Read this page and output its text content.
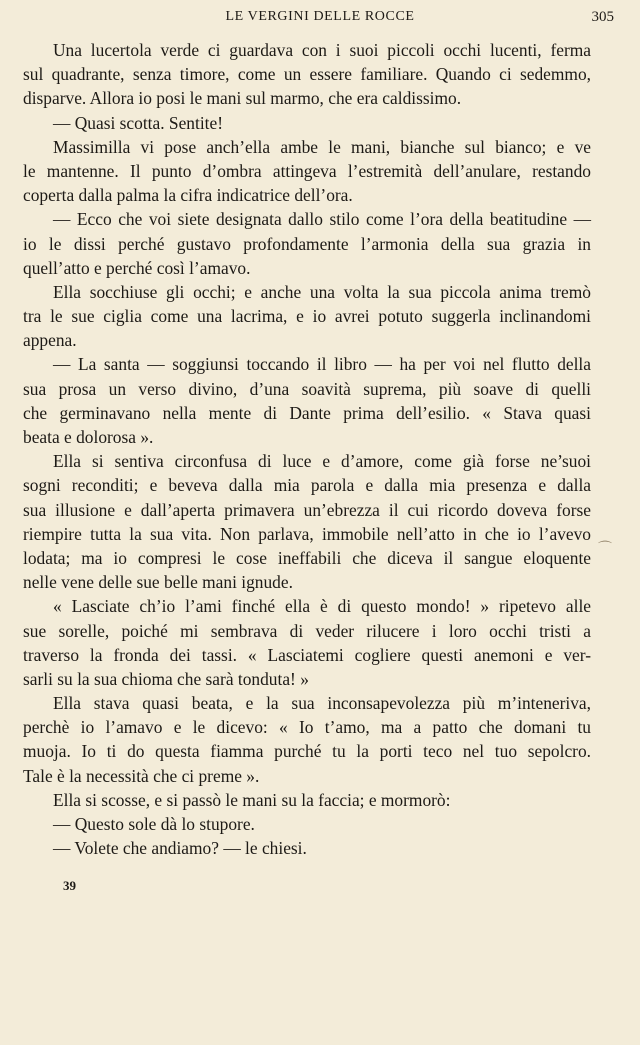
LE VERGINI DELLE ROCCE	305
Una lucertola verde ci guardava con i suoi piccoli occhi lucenti, ferma
sul quadrante, senza timore, come un essere familiare. Quando ci sedemmo,
disparve. Allora io posi le mani sul marmo, che era caldissimo.
— Quasi scotta. Sentite!
Massimilla vi pose anch’ella ambe le mani, bianche sul bianco; e ve
le mantenne. Il punto d’ombra attingeva l’estremità dell’anulare, restando
coperta dalla palma la cifra indicatrice dell’ora.
— Ecco che voi siete designata dallo stilo come l’ora della beatitudine —
io le dissi perché gustavo profondamente l’armonia della sua grazia in
quell’atto e perché così l’amavo.
Ella socchiuse gli occhi; e anche una volta la sua piccola anima tremò
tra le sue ciglia come una lacrima, e io avrei potuto suggerla inclinandomi
appena.
— La santa — soggiunsi toccando il libro — ha per voi nel flutto della
sua prosa un verso divino, d’una soavità suprema, più soave di quelli
che germinavano nella mente di Dante prima dell’esilio. « Stava quasi
beata e dolorosa ».
Ella si sentiva circonfusa di luce e d’amore, come già forse ne’suoi
sogni reconditi; e beveva dalla mia parola e dalla mia presenza e dalla
sua illusione e dall’aperta primavera un’ebrezza il cui ricordo doveva forse
riempire tutta la sua vita. Non parlava, immobile nell’atto in che io l’avevo
lodata; ma io compresi le cose ineffabili che diceva il sangue eloquente
nelle vene delle sue belle mani ignude.
« Lasciate ch’io l’ami finché ella è di questo mondo! » ripetevo alle
sue sorelle, poiché mi sembrava di veder rilucere i loro occhi tristi a
traverso la fronda dei tassi. « Lasciatemi cogliere questi anemoni e ver-
sarli su la sua chioma che sarà tonduta! »
Ella stava quasi beata, e la sua inconsapevolezza più m’inteneriva,
perchè io l’amavo e le dicevo: « Io t’amo, ma a patto che domani tu
muoja. Io ti do questa fiamma purché tu la porti teco nel tuo sepolcro.
Tale è la necessità che ci preme ».
Ella si scosse, e si passò le mani su la faccia; e mormorò:
— Questo sole dà lo stupore.
— Volete che andiamo? — le chiesi.
⌒
39
